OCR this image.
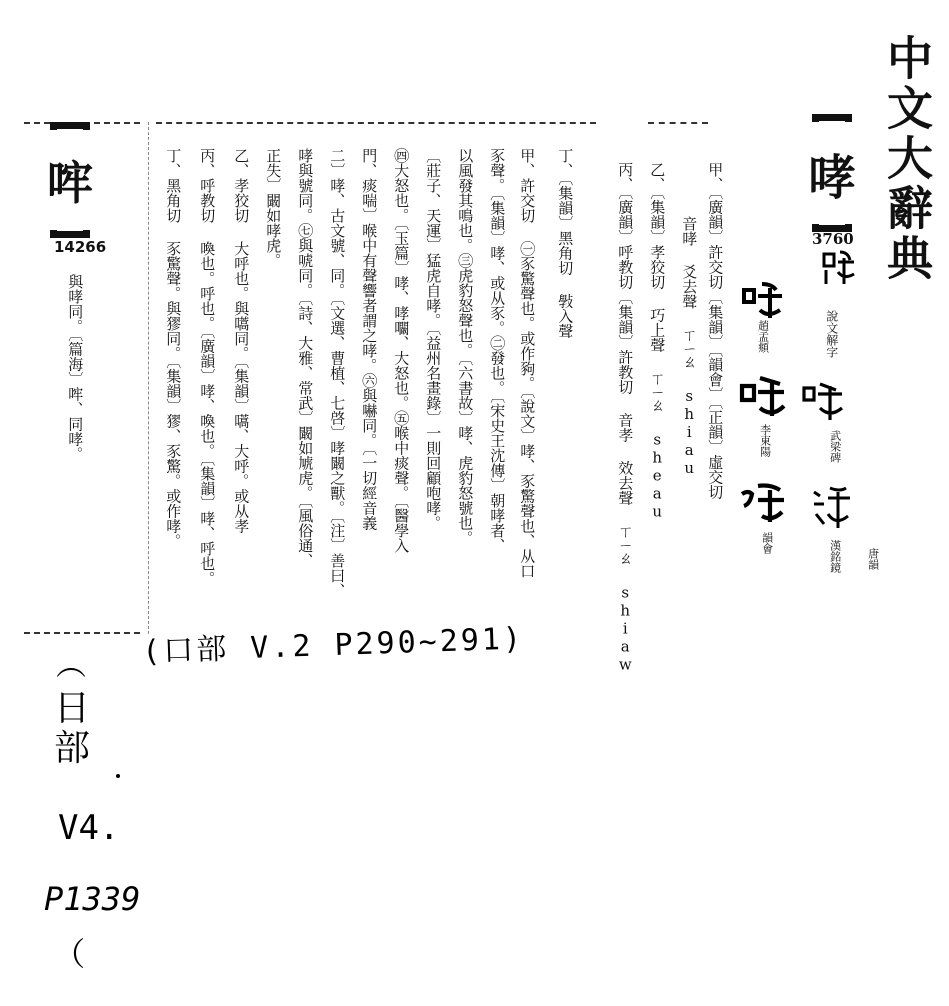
中文大辭典
哮
3760
說文解字
武梁碑
漢銘鏡 唐韻
趙孟頫
李東陽
韻會
甲、〔廣韻〕許交切〔集韻〕〔韻會〕〔正韻〕虛交切
音哮 爻去聲 ㄒㄧㄠ shiau
乙、〔集韻〕孝狡切 巧上聲 ㄒㄧㄠ sheau
丙、〔廣韻〕呼教切〔集韻〕許教切 音孝 效去聲 ㄒㄧㄠ shiaw
丁、〔集韻〕黑角切 斅入聲
甲、許交切 ㊀豕驚聲也。或作豞。〔說文〕哮、豕驚聲也、从口
豕聲。〔集韻〕哮、或从豕。㊁發也。〔宋史王沈傳〕朝哮者、
以風發其鳴也。㊂虎豹怒聲也。〔六書故〕哮、虎豹怒號也。
〔莊子、天運〕猛虎自哮。〔益州名畫錄〕一則回顧咆哮。
㊃大怒也。〔玉篇〕哮、哮㘚、大怒也。㊄喉中痰聲。〔醫學入
門、痰喘〕喉中有聲響者謂之哮。㊅與嚇同。〔一切經音義
二〕哮、古文號、同。〔文選、曹植、七啓〕哮闞之獸。〔注〕善曰、
哮與號同。㊆與唬同。〔詩、大雅、常武〕闞如虓虎。〔風俗通、
正失〕闞如哮虎。
乙、孝狡切 大呼也。與嚆同。〔集韻〕嚆、大呼。或从孝
丙、呼教切 喚也。呼也。〔廣韻〕哮、喚也。〔集韻〕哮、呼也。
丁、黑角切 豕驚聲。與㺒同。〔集韻〕㺒、豕驚。或作哮。
哰
14266
與哮同。〔篇海〕哰、同哮。
(口部 V.2 P290~291)
︵
日
部
V4.
P1339
︶
